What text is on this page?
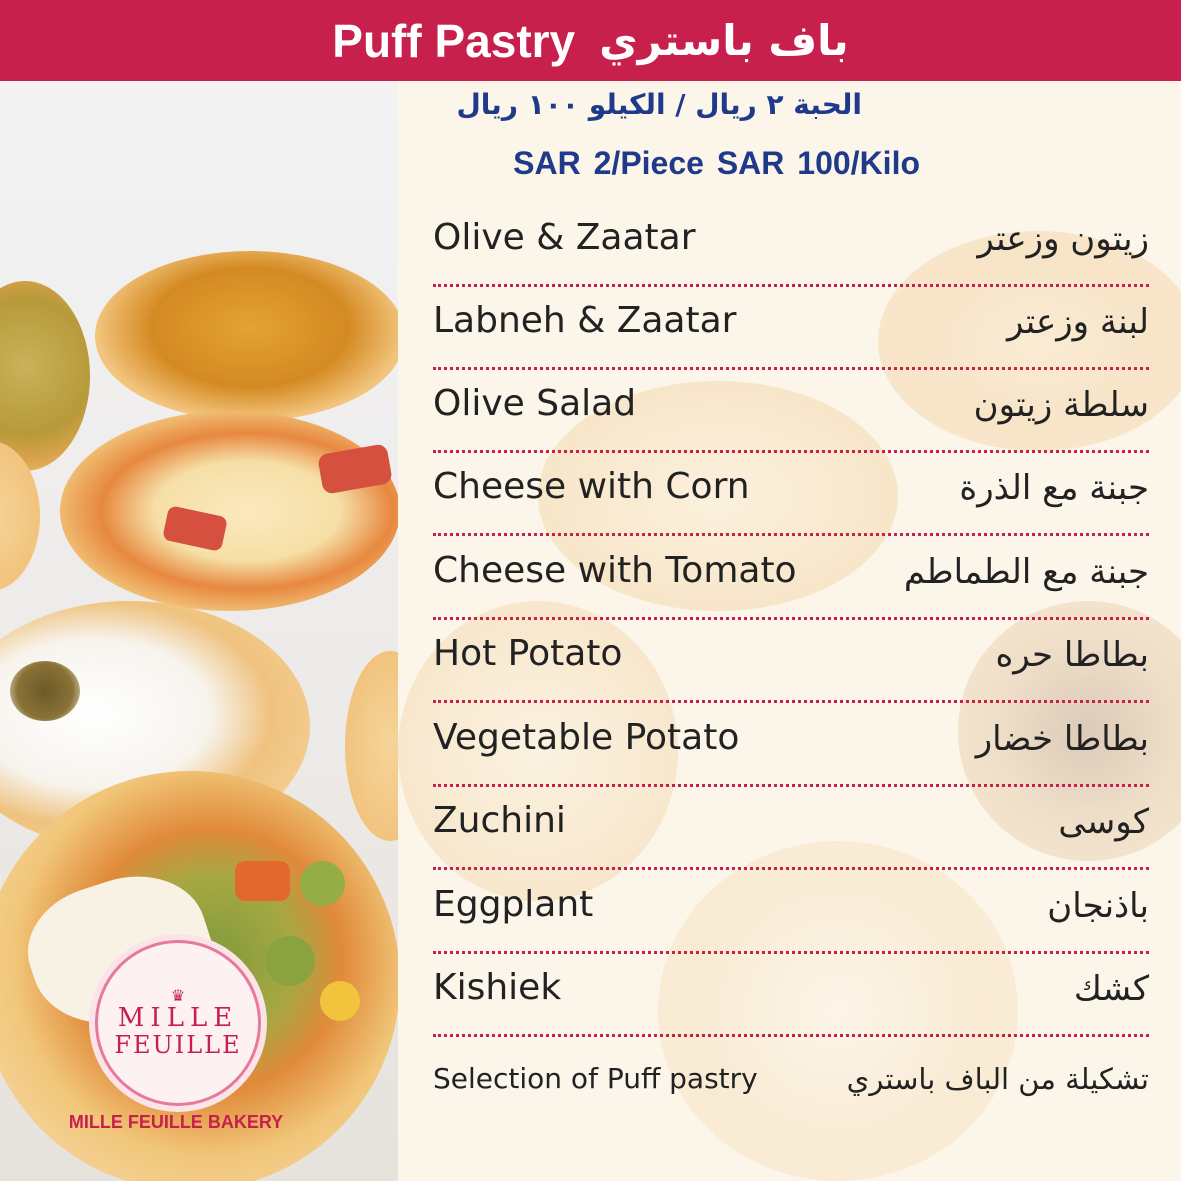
Puff Pastry باف باستري
♛
MILLE
FEUILLE
MILLE FEUILLE BAKERY
الحبة ٢ ريال / الكيلو ١٠٠ ريال
SAR 2/Piece SAR 100/Kilo
Olive & Zaatar	زيتون وزعتر
Labneh & Zaatar	لبنة وزعتر
Olive Salad	سلطة زيتون
Cheese with Corn	جبنة مع الذرة
Cheese with Tomato	جبنة مع الطماطم
Hot Potato	بطاطا حره
Vegetable Potato	بطاطا خضار
Zuchini	كوسى
Eggplant	باذنجان
Kishiek	كشك
Selection of Puff pastry	تشكيلة من الباف باستري
